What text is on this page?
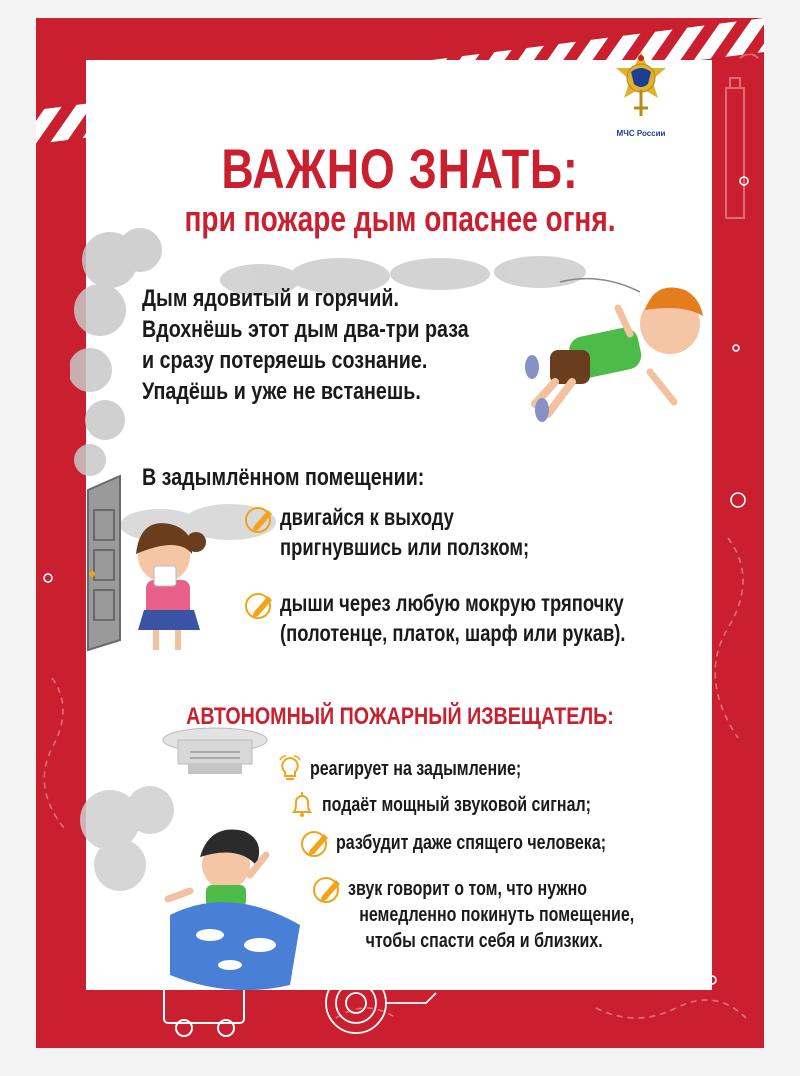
МЧС России
ВАЖНО ЗНАТЬ:
при пожаре дым опаснее огня.
Дым ядовитый и горячий.
Вдохнёшь этот дым два-три раза
и сразу потеряешь сознание.
Упадёшь и уже не встанешь.
В задымлённом помещении:
двигайся к выходу
пригнувшись или ползком;
дыши через любую мокрую тряпочку
(полотенце, платок, шарф или рукав).
АВТОНОМНЫЙ ПОЖАРНЫЙ ИЗВЕЩАТЕЛЬ:
реагирует на задымление;
подаёт мощный звуковой сигнал;
разбудит даже спящего человека;
звук говорит о том, что нужно
немедленно покинуть помещение,
чтобы спасти себя и близких.
